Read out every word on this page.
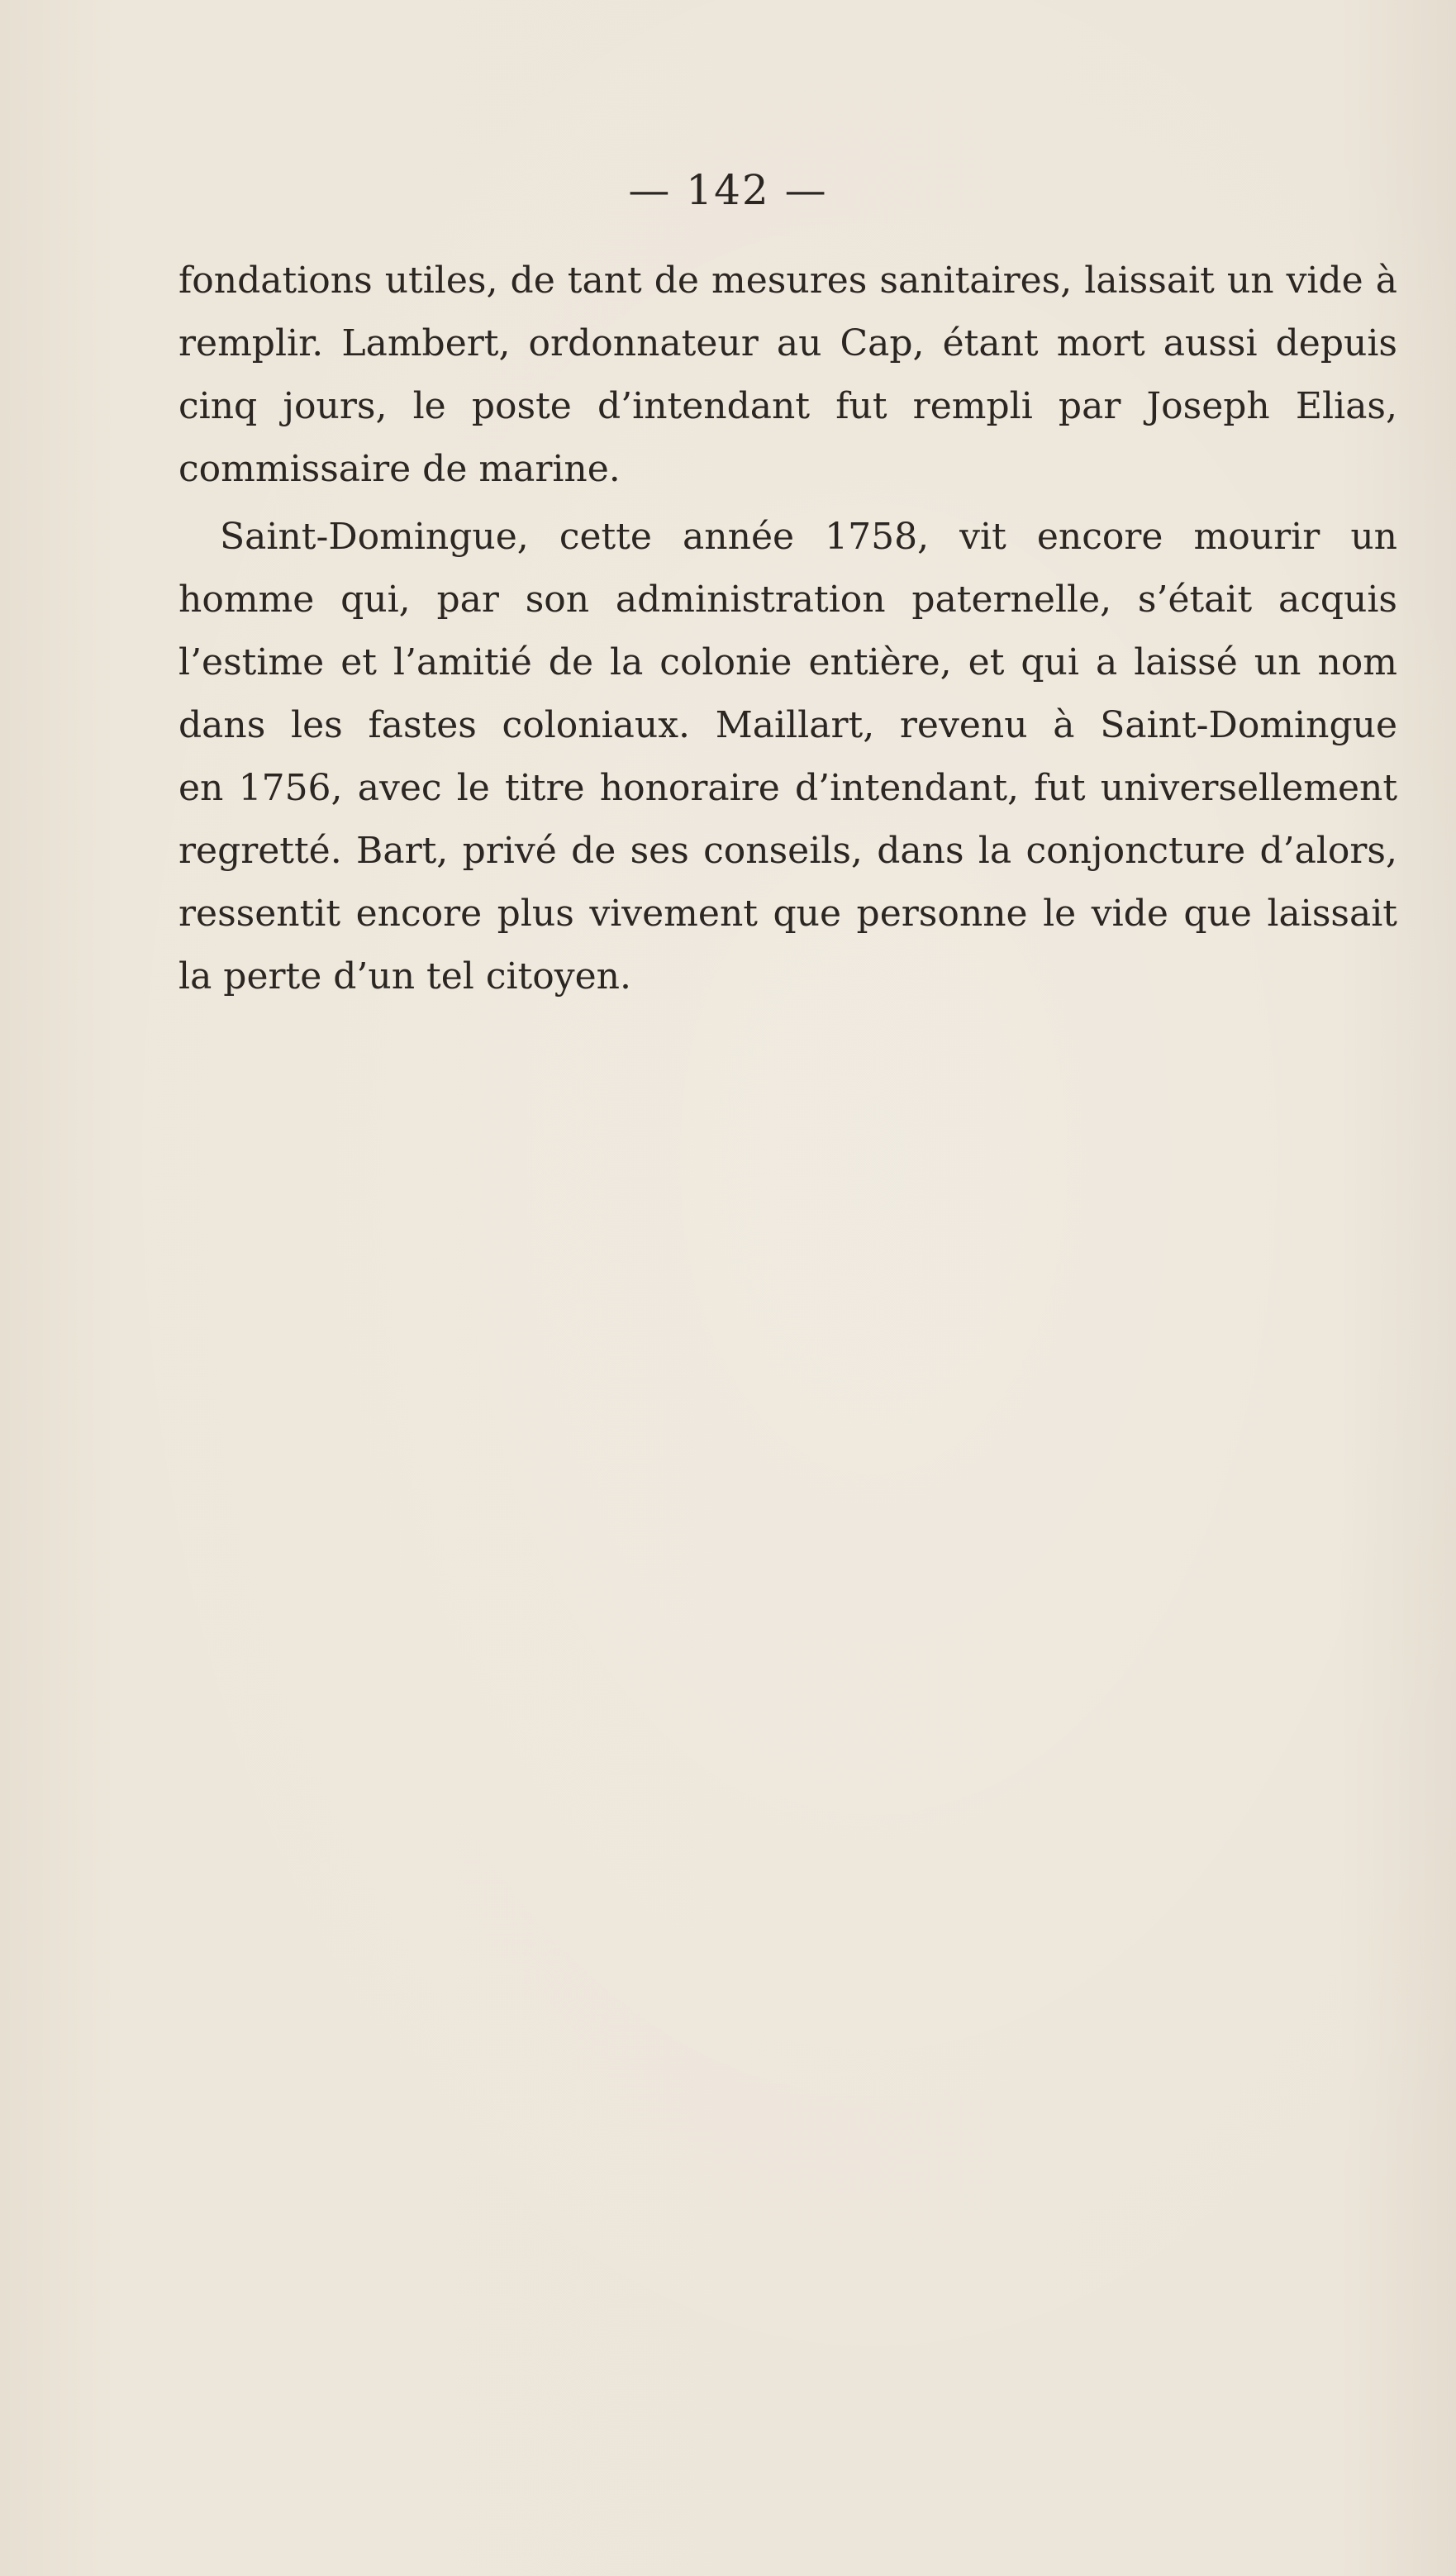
— 142 —

fondations utiles, de tant de mesures sanitaires, laissait un vide à
remplir. Lambert, ordonnateur au Cap, étant mort aussi depuis
cinq jours, le poste d’intendant fut rempli par Joseph Elias,
commissaire de marine.

Saint-Domingue, cette année 1758, vit encore mourir un
homme qui, par son administration paternelle, s’était acquis
l’estime et l’amitié de la colonie entière, et qui a laissé un nom
dans les fastes coloniaux. Maillart, revenu à Saint-Domingue
en 1756, avec le titre honoraire d’intendant, fut universellement
regretté. Bart, privé de ses conseils, dans la conjoncture d’alors,
ressentit encore plus vivement que personne le vide que laissait
la perte d’un tel citoyen.
